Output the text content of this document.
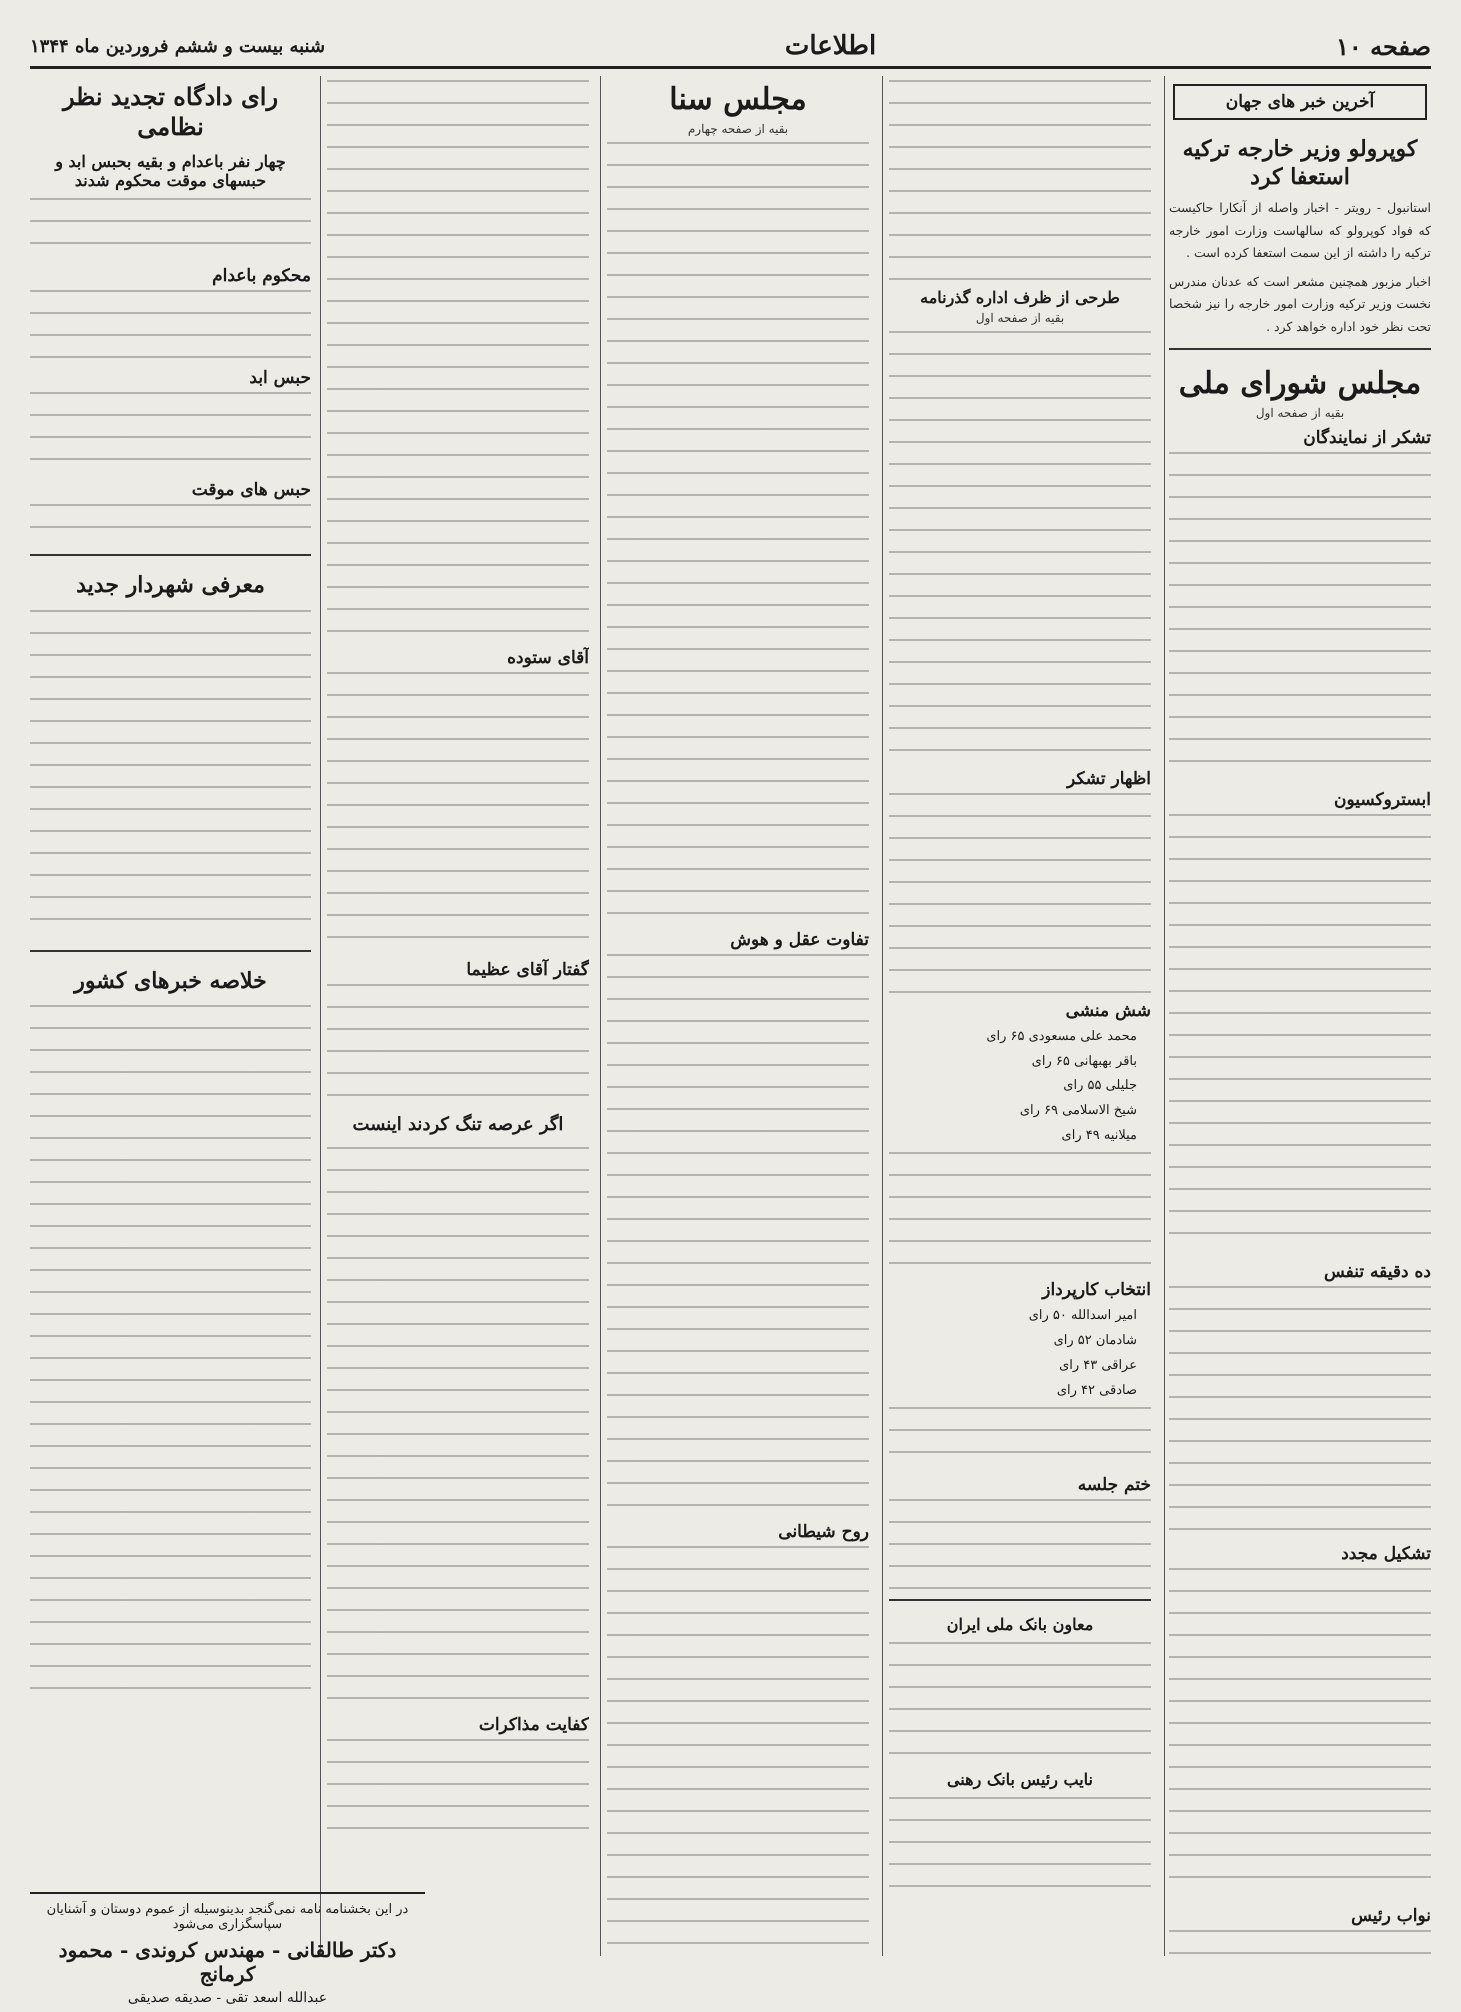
صفحه ۱۰
اطلاعات
شنبه بیست و ششم فروردین ماه ۱۳۴۴
آخرین خبر های جهان
کوپرولو وزیر خارجه ترکیه استعفا کرد

استانبول - رویتر - اخبار واصله از آنکارا حاکیست که فواد کوپرولو که سالهاست وزارت امور خارجه ترکیه را داشته از این سمت استعفا کرده است .

اخبار مزبور همچنین مشعر است که عدنان مندرس نخست وزیر ترکیه وزارت امور خارجه را نیز شخصا تحت نظر خود اداره خواهد کرد .

مجلس شورای ملی
بقیه از صفحه اول
تشکر از نمایندگان
ابستروکسیون
ده دقیقه تنفس
تشکیل مجدد
نواب رئیس
طرحی از ظرف اداره گذرنامه
بقیه از صفحه اول
اظهار تشکر
شش منشی
محمد علی مسعودی ۶۵ رای
باقر بهبهانی ۶۵ رای
جلیلی ۵۵ رای
شیخ الاسلامی ۶۹ رای
میلانیه ۴۹ رای
انتخاب کارپرداز
امیر اسدالله ۵۰ رای
شادمان ۵۲ رای
عراقی ۴۳ رای
صادقی ۴۲ رای
ختم جلسه
معاون بانک ملی ایران
نایب رئیس بانک رهنی
مجلس سنا
بقیه از صفحه چهارم
تفاوت عقل و هوش
روح شیطانی
آقای ستوده
گفتار آقای عظیما
اگر عرصه تنگ کردند اینست
کفایت مذاکرات
رای دادگاه تجدید نظر نظامی
چهار نفر باعدام و بقیه بحبس ابد و حبسهای موقت محکوم شدند
محکوم باعدام
حبس ابد
حبس های موقت
معرفی شهردار جدید
خلاصه خبرهای کشور
در این بخشنامه نامه نمی‌گنجد بدینوسیله از عموم دوستان و آشنایان سپاسگزاری می‌شود
دکتر طالقانی - مهندس کروندی - محمود کرمانج
عبدالله اسعد تقی - صدیقه صدیقی
